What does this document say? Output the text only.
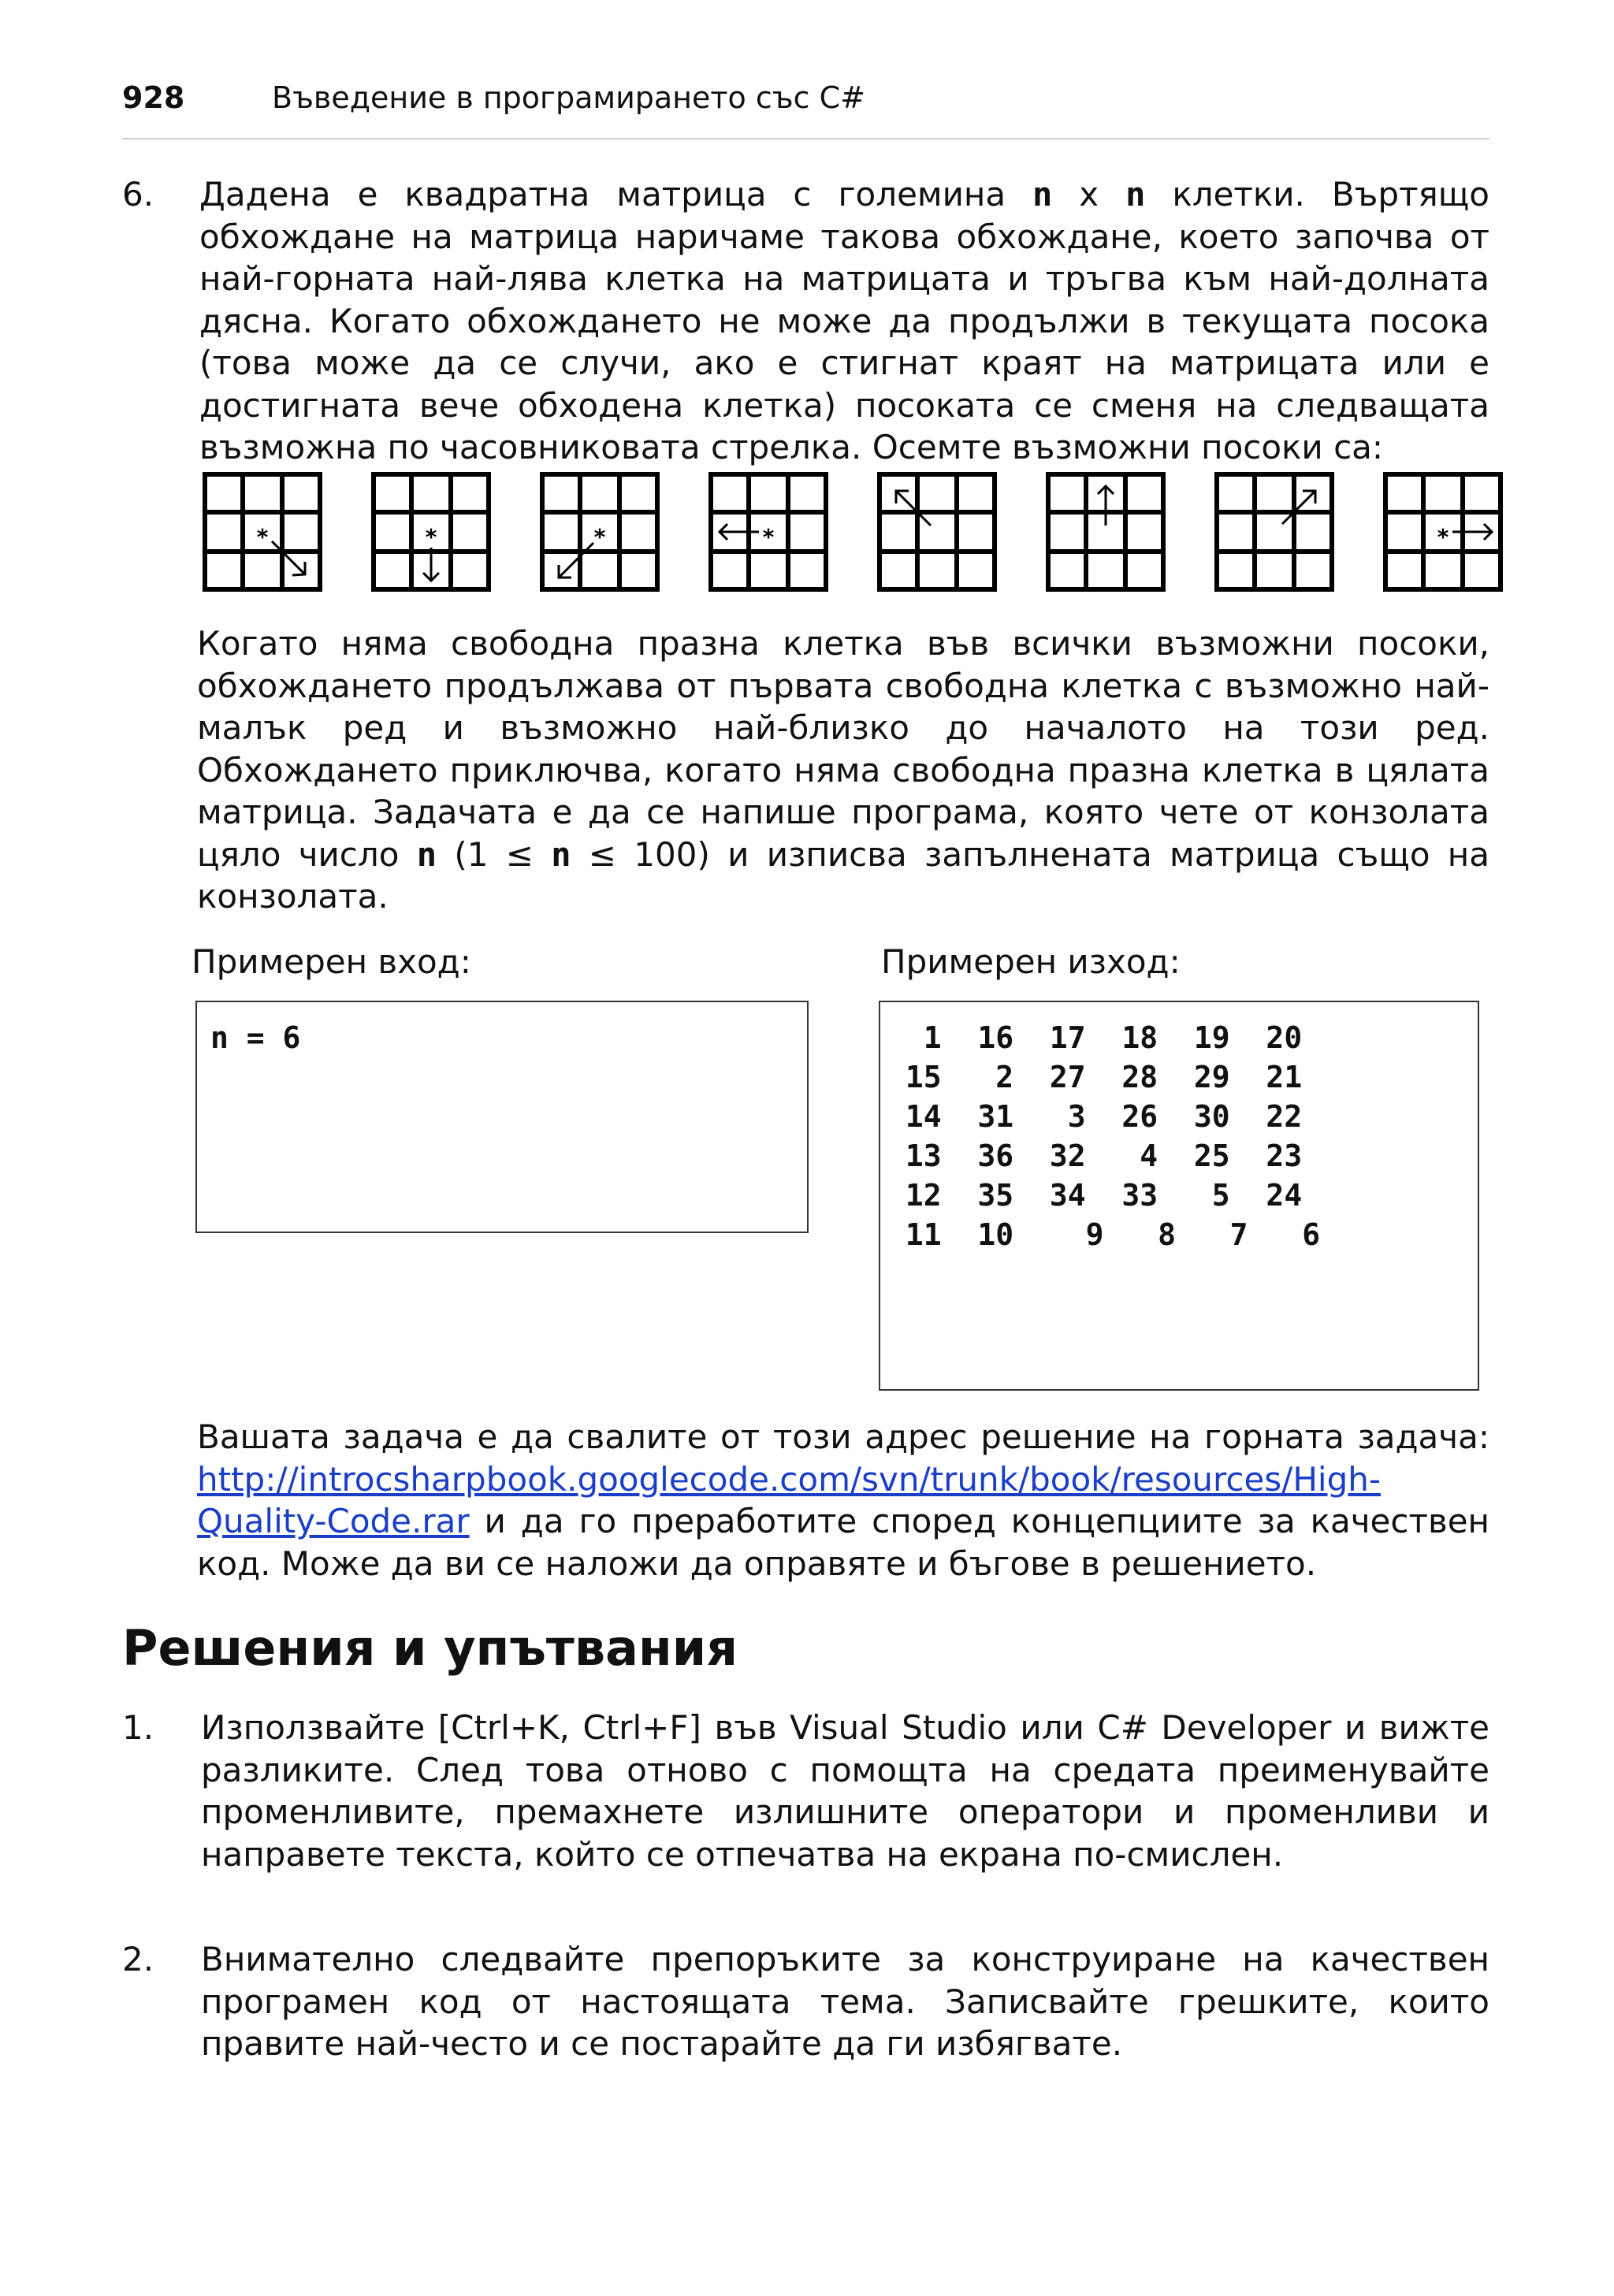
928	Въведение в програмирането със C#
6. Дадена е квадратна матрица с големина n x n клетки. Въртящо обхождане на матрица наричаме такова обхождане, което започва от най-горната най-лява клетка на матрицата и тръгва към най-долната дясна. Когато обхождането не може да продължи в текущата посока (това може да се случи, ако е стигнат краят на матрицата или е достигната вече обходена клетка) посоката се сменя на следващата възможна по часовниковата стрелка. Осемте възможни посоки са:
*	*	*	*	*
Когато няма свободна празна клетка във всички възможни посоки, обхождането продължава от първата свободна клетка с възможно най-малък ред и възможно най-близко до началото на този ред. Обхождането приключва, когато няма свободна празна клетка в цялата матрица. Задачата е да се напише програма, която чете от конзолата цяло число n (1 ≤ n ≤ 100) и изписва запълнената матрица също на конзолата.
Примерен вход:	Примерен изход:
n = 6	1  16  17  18  19  20
15   2  27  28  29  21
14  31   3  26  30  22
13  36  32   4  25  23
12  35  34  33   5  24
11  10    9   8   7   6
Вашата задача е да свалите от този адрес решение на горната задача: http://introcsharpbook.googlecode.com/svn/trunk/book/resources/High-Quality-Code.rar и да го преработите според концепциите за качествен код. Може да ви се наложи да оправяте и бъгове в решението.
Решения и упътвания
1. Използвайте [Ctrl+K, Ctrl+F] във Visual Studio или C# Developer и вижте разликите. След това отново с помощта на средата преименувайте променливите, премахнете излишните оператори и променливи и направете текста, който се отпечатва на екрана по-смислен.
2. Внимателно следвайте препоръките за конструиране на качествен програмен код от настоящата тема. Записвайте грешките, които правите най-често и се постарайте да ги избягвате.
